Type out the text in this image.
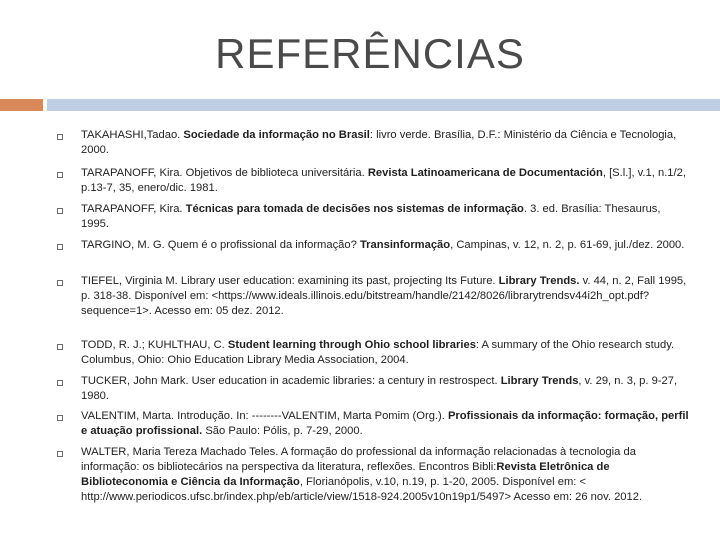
REFERÊNCIAS
TAKAHASHI,Tadao. Sociedade da informação no Brasil: livro verde. Brasília, D.F.: Ministério da Ciência e Tecnologia, 2000.
TARAPANOFF, Kira. Objetivos de biblioteca universitária. Revista Latinoamericana de Documentación, [S.l.], v.1, n.1/2, p.13-7, 35, enero/dic. 1981.
TARAPANOFF, Kira. Técnicas para tomada de decisões nos sistemas de informação. 3. ed. Brasília: Thesaurus, 1995.
TARGINO, M. G. Quem é o profissional da informação? Transinformação, Campinas, v. 12, n. 2, p. 61-69, jul./dez. 2000.
TIEFEL, Virginia M. Library user education: examining its past, projecting Its Future. Library Trends. v. 44, n. 2, Fall 1995, p. 318-38. Disponível em: <https://www.ideals.illinois.edu/bitstream/handle/2142/8026/librarytrendsv44i2h_opt.pdf?sequence=1>. Acesso em: 05 dez. 2012.
TODD, R. J.; KUHLTHAU, C. Student learning through Ohio school libraries: A summary of the Ohio research study. Columbus, Ohio: Ohio Education Library Media Association, 2004.
TUCKER, John Mark. User education in academic libraries: a century in restrospect. Library Trends, v. 29, n. 3, p. 9-27, 1980.
VALENTIM, Marta. Introdução. In: --------VALENTIM, Marta Pomim (Org.). Profissionais da informação: formação, perfil e atuação profissional. São Paulo: Pólis, p. 7-29, 2000.
WALTER, Maria Tereza Machado Teles. A formação do professional da informação relacionadas à tecnologia da informação: os bibliotecários na perspectiva da literatura, reflexões. Encontros Bibli:Revista Eletrônica de Biblioteconomia e Ciência da Informação, Florianópolis, v.10, n.19, p. 1-20, 2005. Disponível em: < http://www.periodicos.ufsc.br/index.php/eb/article/view/1518-924.2005v10n19p1/5497> Acesso em: 26 nov. 2012.
